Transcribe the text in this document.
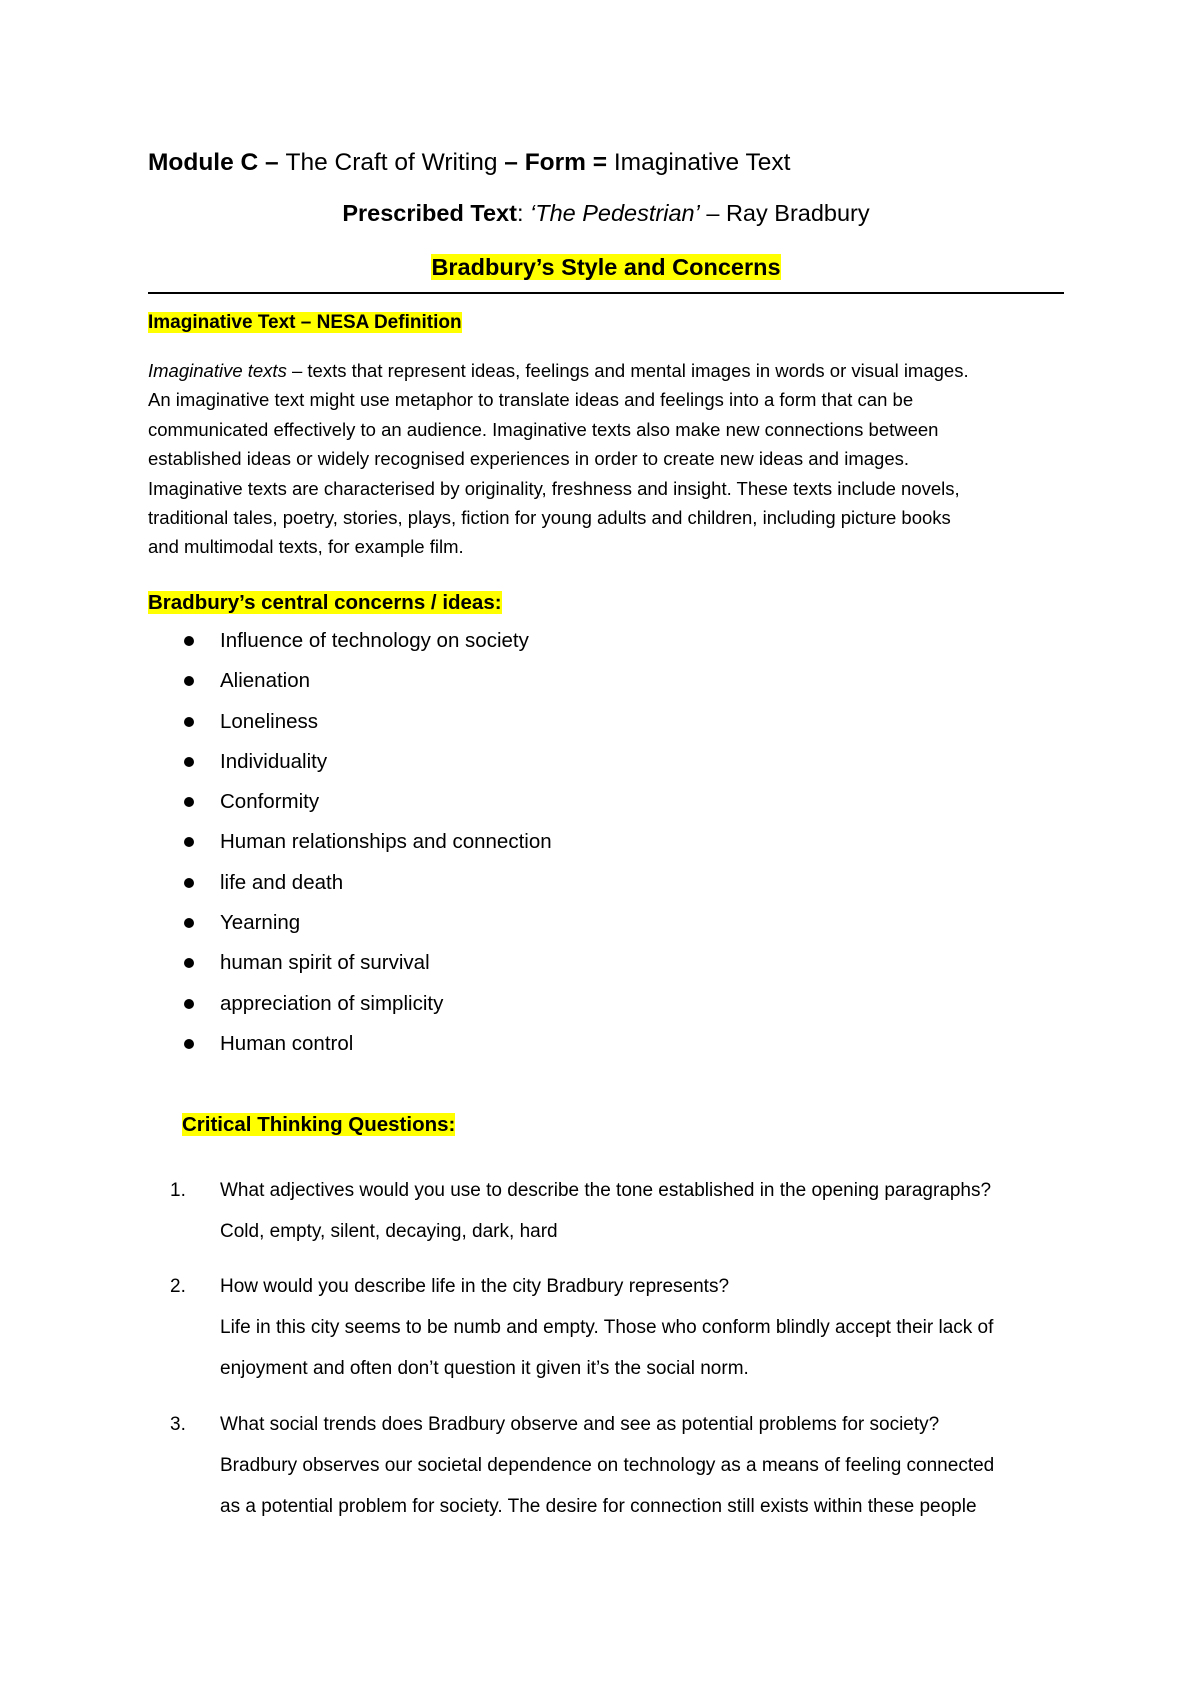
Module C – The Craft of Writing – Form = Imaginative Text
Prescribed Text: ‘The Pedestrian’ – Ray Bradbury
Bradbury’s Style and Concerns
Imaginative Text – NESA Definition

Imaginative texts – texts that represent ideas, feelings and mental images in words or visual images.

An imaginative text might use metaphor to translate ideas and feelings into a form that can be

communicated effectively to an audience. Imaginative texts also make new connections between

established ideas or widely recognised experiences in order to create new ideas and images.

Imaginative texts are characterised by originality, freshness and insight. These texts include novels,

traditional tales, poetry, stories, plays, fiction for young adults and children, including picture books

and multimodal texts, for example film.

Bradbury’s central concerns / ideas:
Influence of technology on society
Alienation
Loneliness
Individuality
Conformity
Human relationships and connection
life and death
Yearning
human spirit of survival
appreciation of simplicity
Human control
Critical Thinking Questions:
1.	What adjectives would you use to describe the tone established in the opening paragraphs?
Cold, empty, silent, decaying, dark, hard
2.	How would you describe life in the city Bradbury represents?
Life in this city seems to be numb and empty. Those who conform blindly accept their lack of
enjoyment and often don’t question it given it’s the social norm.
3.	What social trends does Bradbury observe and see as potential problems for society?
Bradbury observes our societal dependence on technology as a means of feeling connected
as a potential problem for society. The desire for connection still exists within these people
